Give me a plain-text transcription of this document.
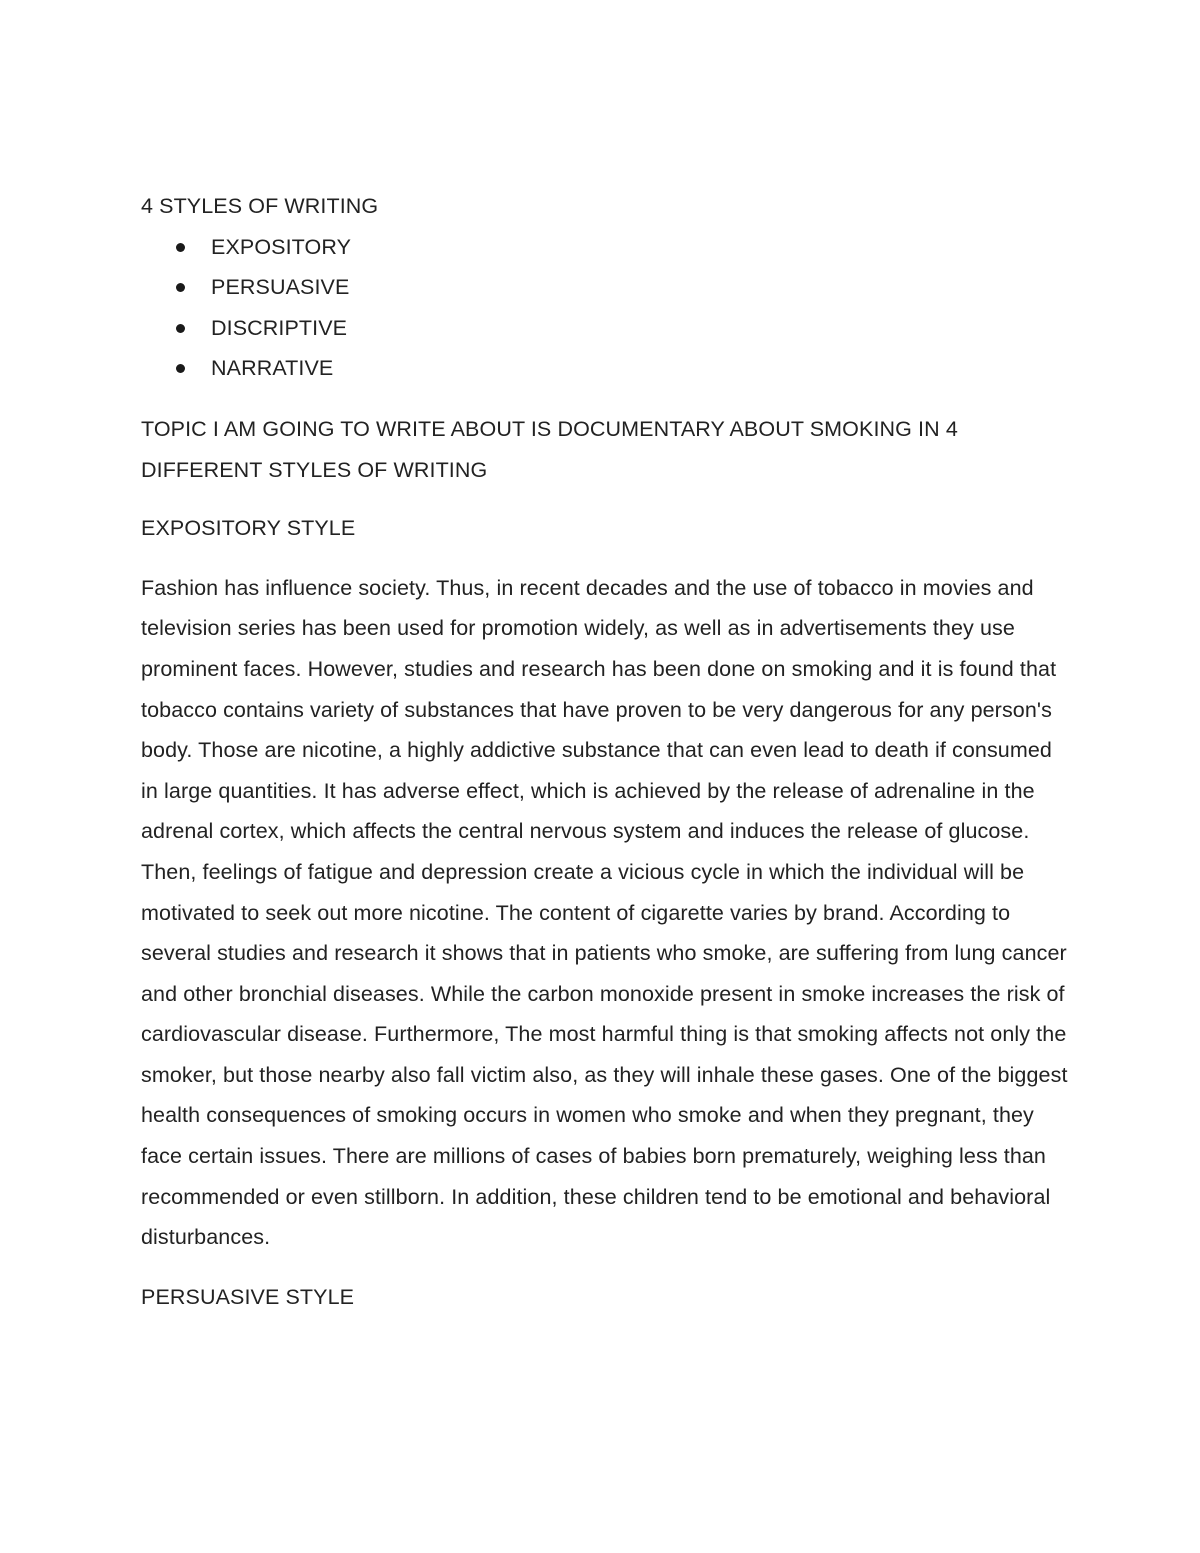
4 STYLES OF WRITING

EXPOSITORY
PERSUASIVE
DISCRIPTIVE
NARRATIVE

TOPIC I AM GOING TO WRITE ABOUT IS DOCUMENTARY ABOUT SMOKING IN 4 DIFFERENT STYLES OF WRITING

EXPOSITORY STYLE

Fashion has influence society. Thus, in recent decades and the use of tobacco in movies and television series has been used for promotion widely, as well as in advertisements they use prominent faces. However, studies and research has been done on smoking and it is found that tobacco contains variety of substances that have proven to be very dangerous for any person's body. Those are nicotine, a highly addictive substance that can even lead to death if consumed in large quantities. It has adverse effect, which is achieved by the release of adrenaline in the adrenal cortex, which affects the central nervous system and induces the release of glucose. Then, feelings of fatigue and depression create a vicious cycle in which the individual will be motivated to seek out more nicotine. The content of cigarette varies by brand. According to several studies and research it shows that in patients who smoke, are suffering from lung cancer and other bronchial diseases. While the carbon monoxide present in smoke increases the risk of cardiovascular disease. Furthermore, The most harmful thing is that smoking affects not only the smoker, but those nearby also fall victim also, as they will inhale these gases. One of the biggest health consequences of smoking occurs in women who smoke and when they pregnant, they face certain issues. There are millions of cases of babies born prematurely, weighing less than recommended or even stillborn. In addition, these children tend to be emotional and behavioral disturbances.

PERSUASIVE STYLE
